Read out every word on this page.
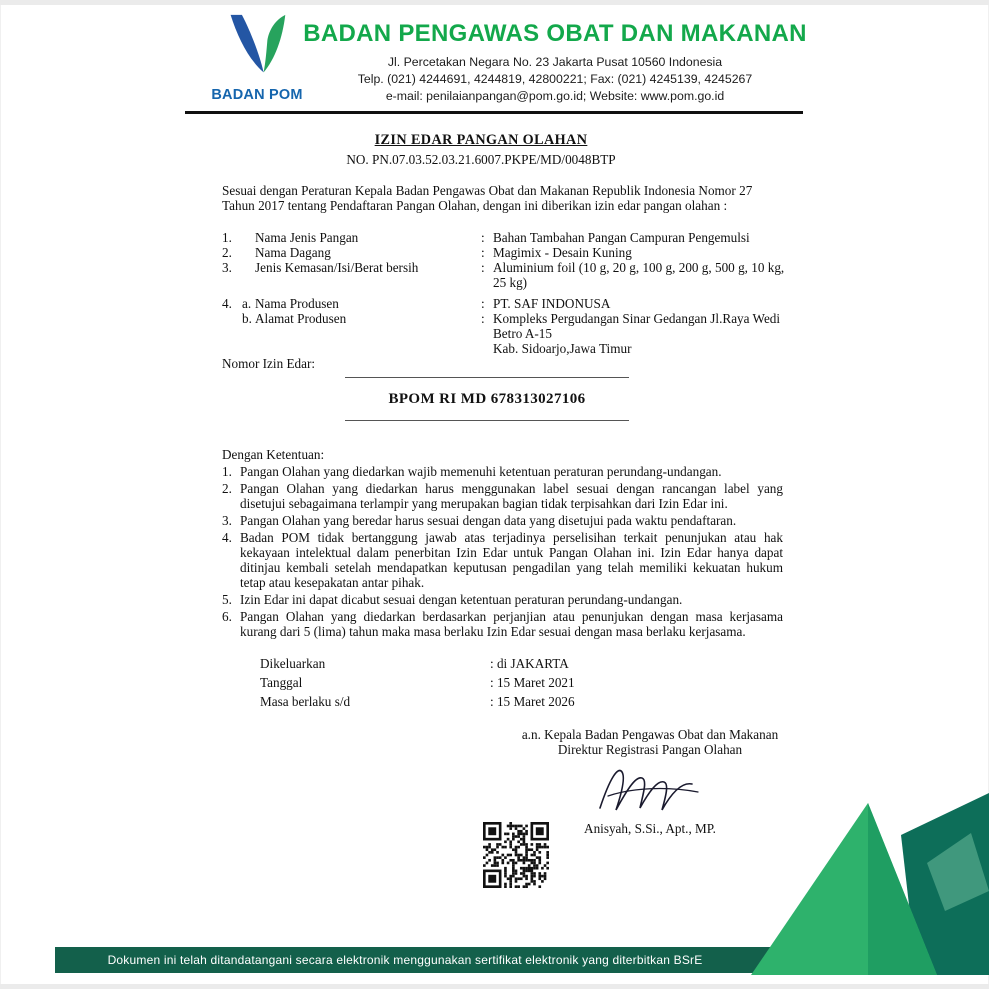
BADAN POM
BADAN PENGAWAS OBAT DAN MAKANAN
Jl. Percetakan Negara No. 23 Jakarta Pusat 10560 Indonesia
Telp. (021) 4244691, 4244819, 42800221; Fax: (021) 4245139, 4245267
e-mail: penilaianpangan@pom.go.id; Website: www.pom.go.id
IZIN EDAR PANGAN OLAHAN
NO. PN.07.03.52.03.21.6007.PKPE/MD/0048BTP
Sesuai dengan Peraturan Kepala Badan Pengawas Obat dan Makanan Republik Indonesia Nomor 27 Tahun 2017 tentang Pendaftaran Pangan Olahan, dengan ini diberikan izin edar pangan olahan :
1.	Nama Jenis Pangan	: Bahan Tambahan Pangan Campuran Pengemulsi
2.	Nama Dagang	: Magimix - Desain Kuning
3.	Jenis Kemasan/Isi/Berat bersih	: Aluminium foil (10 g, 20 g, 100 g, 200 g, 500 g, 10 kg, 25 kg)
4. a. Nama Produsen	: PT. SAF INDONUSA
b. Alamat Produsen	: Kompleks Pergudangan Sinar Gedangan Jl.Raya Wedi Betro A-15
Kab. Sidoarjo,Jawa Timur
Nomor Izin Edar:
BPOM RI MD 678313027106
Dengan Ketentuan:
1. Pangan Olahan yang diedarkan wajib memenuhi ketentuan peraturan perundang-undangan.
2. Pangan Olahan yang diedarkan harus menggunakan label sesuai dengan rancangan label yang disetujui sebagaimana terlampir yang merupakan bagian tidak terpisahkan dari Izin Edar ini.
3. Pangan Olahan yang beredar harus sesuai dengan data yang disetujui pada waktu pendaftaran.
4. Badan POM tidak bertanggung jawab atas terjadinya perselisihan terkait penunjukan atau hak kekayaan intelektual dalam penerbitan Izin Edar untuk Pangan Olahan ini. Izin Edar hanya dapat ditinjau kembali setelah mendapatkan keputusan pengadilan yang telah memiliki kekuatan hukum tetap atau kesepakatan antar pihak.
5. Izin Edar ini dapat dicabut sesuai dengan ketentuan peraturan perundang-undangan.
6. Pangan Olahan yang diedarkan berdasarkan perjanjian atau penunjukan dengan masa kerjasama kurang dari 5 (lima) tahun maka masa berlaku Izin Edar sesuai dengan masa berlaku kerjasama.
Dikeluarkan	: di JAKARTA
Tanggal	: 15 Maret 2021
Masa berlaku s/d	: 15 Maret 2026
a.n. Kepala Badan Pengawas Obat dan Makanan
Direktur Registrasi Pangan Olahan
Anisyah, S.Si., Apt., MP.
Dokumen ini telah ditandatangani secara elektronik menggunakan sertifikat elektronik yang diterbitkan BSrE
